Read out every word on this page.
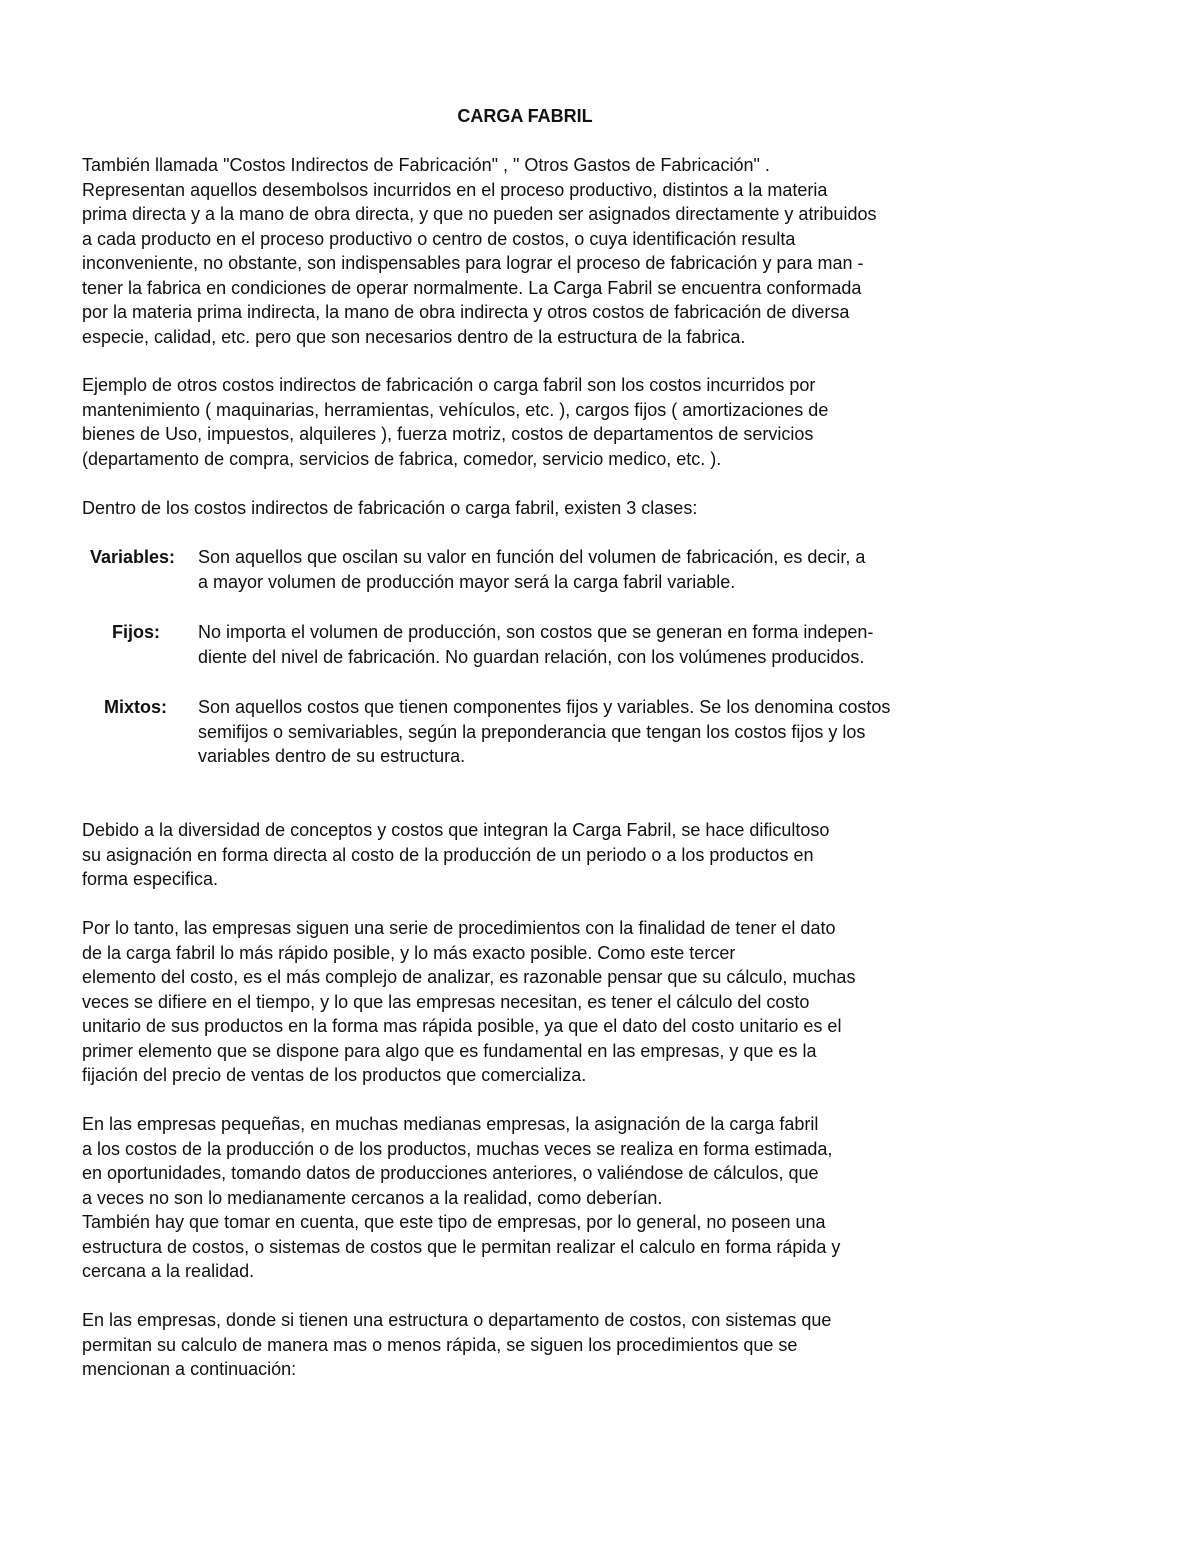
CARGA FABRIL
También llamada "Costos Indirectos de Fabricación" , " Otros Gastos de Fabricación" .
Representan aquellos desembolsos incurridos en el proceso productivo, distintos a la materia
prima directa y a la mano de obra directa, y que no pueden ser asignados directamente y atribuidos
a cada producto en el proceso productivo o centro de costos, o cuya identificación resulta
inconveniente, no obstante, son indispensables para lograr el proceso de fabricación y para man -
tener la fabrica en condiciones de operar normalmente. La Carga Fabril se encuentra conformada
por la materia prima indirecta, la mano de obra indirecta y otros costos de fabricación de diversa
especie, calidad, etc. pero que son necesarios dentro de la estructura de la fabrica.
Ejemplo de otros costos indirectos de fabricación o carga fabril son los costos incurridos por
mantenimiento ( maquinarias, herramientas, vehículos, etc. ), cargos fijos ( amortizaciones de
bienes de Uso, impuestos, alquileres ), fuerza motriz, costos de departamentos de servicios
(departamento de compra, servicios de fabrica, comedor, servicio medico, etc. ).
Dentro de los costos indirectos de fabricación o carga fabril, existen 3 clases:
Variables: Son aquellos que oscilan su valor en función del volumen de fabricación, es decir, a
a mayor volumen de producción mayor será la carga fabril variable.
Fijos: No importa el volumen de producción, son costos que se generan en forma indepen-
diente del nivel de fabricación. No guardan relación, con los volúmenes producidos.
Mixtos: Son aquellos costos que tienen componentes fijos y variables. Se los denomina costos
semifijos o semivariables, según la preponderancia que tengan los costos fijos y los
variables dentro de su estructura.
Debido a la diversidad de conceptos y costos que integran la Carga Fabril, se hace dificultoso
su asignación en forma directa al costo de la producción de un periodo o a los productos en
forma especifica.
Por lo tanto, las empresas siguen una serie de procedimientos con la finalidad de tener el dato
de la carga fabril lo más rápido posible, y lo más exacto posible. Como este tercer
elemento del costo, es el más complejo de analizar, es razonable pensar que su cálculo, muchas
veces se difiere en el tiempo, y lo que las empresas necesitan, es tener el cálculo del costo
unitario de sus productos en la forma mas rápida posible, ya que el dato del costo unitario es el
primer elemento que se dispone para algo que es fundamental en las empresas, y que es la
fijación del precio de ventas de los productos que comercializa.
En las empresas pequeñas, en muchas medianas empresas, la asignación de la carga fabril
a los costos de la producción o de los productos, muchas veces se realiza en forma estimada,
en oportunidades, tomando datos de producciones anteriores, o valiéndose de cálculos, que
a veces no son lo medianamente cercanos a la realidad, como deberían.
También hay que tomar en cuenta, que este tipo de empresas, por lo general, no poseen una
estructura de costos, o sistemas de costos que le permitan realizar el calculo en forma rápida y
cercana a la realidad.
En las empresas, donde si tienen una estructura o departamento de costos, con sistemas que
permitan su calculo de manera mas o menos rápida, se siguen los procedimientos que se
mencionan a continuación:
